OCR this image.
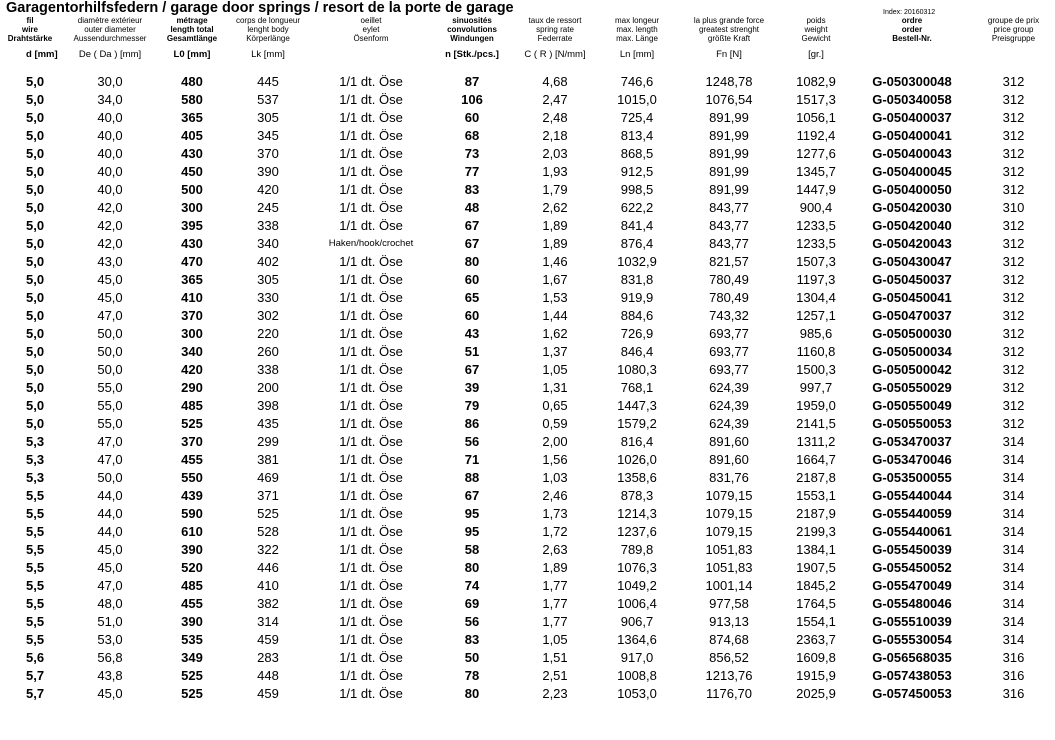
Garagentorhilfsfedern / garage door springs / resort de la porte de garage	Index: 20160312
fil	diamètre extérieur	métrage	corps de longueur	oeillet	sinuosités	taux de ressort	max longeur	la plus grande force	poids	ordre	groupe de prix
wire	outer diameter	length total	lenght body	eylet	convolutions	spring rate	max. length	greatest strenght	weight	order	price group
Drahtstärke	Aussendurchmesser	Gesamtlänge	Körperlänge	Ösenform	Windungen	Federrate	max. Länge	größte Kraft	Gewicht	Bestell-Nr.	Preisgruppe
d [mm]	De ( Da ) [mm]	L0 [mm]	Lk [mm]		n [Stk./pcs.]	C ( R ) [N/mm]	Ln [mm]	Fn [N]	[gr.]		

5,0	30,0	480	445	1/1 dt. Öse	87	4,68	746,6	1248,78	1082,9	G-050300048	312
5,0	34,0	580	537	1/1 dt. Öse	106	2,47	1015,0	1076,54	1517,3	G-050340058	312
5,0	40,0	365	305	1/1 dt. Öse	60	2,48	725,4	891,99	1056,1	G-050400037	312
5,0	40,0	405	345	1/1 dt. Öse	68	2,18	813,4	891,99	1192,4	G-050400041	312
5,0	40,0	430	370	1/1 dt. Öse	73	2,03	868,5	891,99	1277,6	G-050400043	312
5,0	40,0	450	390	1/1 dt. Öse	77	1,93	912,5	891,99	1345,7	G-050400045	312
5,0	40,0	500	420	1/1 dt. Öse	83	1,79	998,5	891,99	1447,9	G-050400050	312
5,0	42,0	300	245	1/1 dt. Öse	48	2,62	622,2	843,77	900,4	G-050420030	310
5,0	42,0	395	338	1/1 dt. Öse	67	1,89	841,4	843,77	1233,5	G-050420040	312
5,0	42,0	430	340	Haken/hook/crochet	67	1,89	876,4	843,77	1233,5	G-050420043	312
5,0	43,0	470	402	1/1 dt. Öse	80	1,46	1032,9	821,57	1507,3	G-050430047	312
5,0	45,0	365	305	1/1 dt. Öse	60	1,67	831,8	780,49	1197,3	G-050450037	312
5,0	45,0	410	330	1/1 dt. Öse	65	1,53	919,9	780,49	1304,4	G-050450041	312
5,0	47,0	370	302	1/1 dt. Öse	60	1,44	884,6	743,32	1257,1	G-050470037	312
5,0	50,0	300	220	1/1 dt. Öse	43	1,62	726,9	693,77	985,6	G-050500030	312
5,0	50,0	340	260	1/1 dt. Öse	51	1,37	846,4	693,77	1160,8	G-050500034	312
5,0	50,0	420	338	1/1 dt. Öse	67	1,05	1080,3	693,77	1500,3	G-050500042	312
5,0	55,0	290	200	1/1 dt. Öse	39	1,31	768,1	624,39	997,7	G-050550029	312
5,0	55,0	485	398	1/1 dt. Öse	79	0,65	1447,3	624,39	1959,0	G-050550049	312
5,0	55,0	525	435	1/1 dt. Öse	86	0,59	1579,2	624,39	2141,5	G-050550053	312
5,3	47,0	370	299	1/1 dt. Öse	56	2,00	816,4	891,60	1311,2	G-053470037	314
5,3	47,0	455	381	1/1 dt. Öse	71	1,56	1026,0	891,60	1664,7	G-053470046	314
5,3	50,0	550	469	1/1 dt. Öse	88	1,03	1358,6	831,76	2187,8	G-053500055	314
5,5	44,0	439	371	1/1 dt. Öse	67	2,46	878,3	1079,15	1553,1	G-055440044	314
5,5	44,0	590	525	1/1 dt. Öse	95	1,73	1214,3	1079,15	2187,9	G-055440059	314
5,5	44,0	610	528	1/1 dt. Öse	95	1,72	1237,6	1079,15	2199,3	G-055440061	314
5,5	45,0	390	322	1/1 dt. Öse	58	2,63	789,8	1051,83	1384,1	G-055450039	314
5,5	45,0	520	446	1/1 dt. Öse	80	1,89	1076,3	1051,83	1907,5	G-055450052	314
5,5	47,0	485	410	1/1 dt. Öse	74	1,77	1049,2	1001,14	1845,2	G-055470049	314
5,5	48,0	455	382	1/1 dt. Öse	69	1,77	1006,4	977,58	1764,5	G-055480046	314
5,5	51,0	390	314	1/1 dt. Öse	56	1,77	906,7	913,13	1554,1	G-055510039	314
5,5	53,0	535	459	1/1 dt. Öse	83	1,05	1364,6	874,68	2363,7	G-055530054	314
5,6	56,8	349	283	1/1 dt. Öse	50	1,51	917,0	856,52	1609,8	G-056568035	316
5,7	43,8	525	448	1/1 dt. Öse	78	2,51	1008,8	1213,76	1915,9	G-057438053	316
5,7	45,0	525	459	1/1 dt. Öse	80	2,23	1053,0	1176,70	2025,9	G-057450053	316
